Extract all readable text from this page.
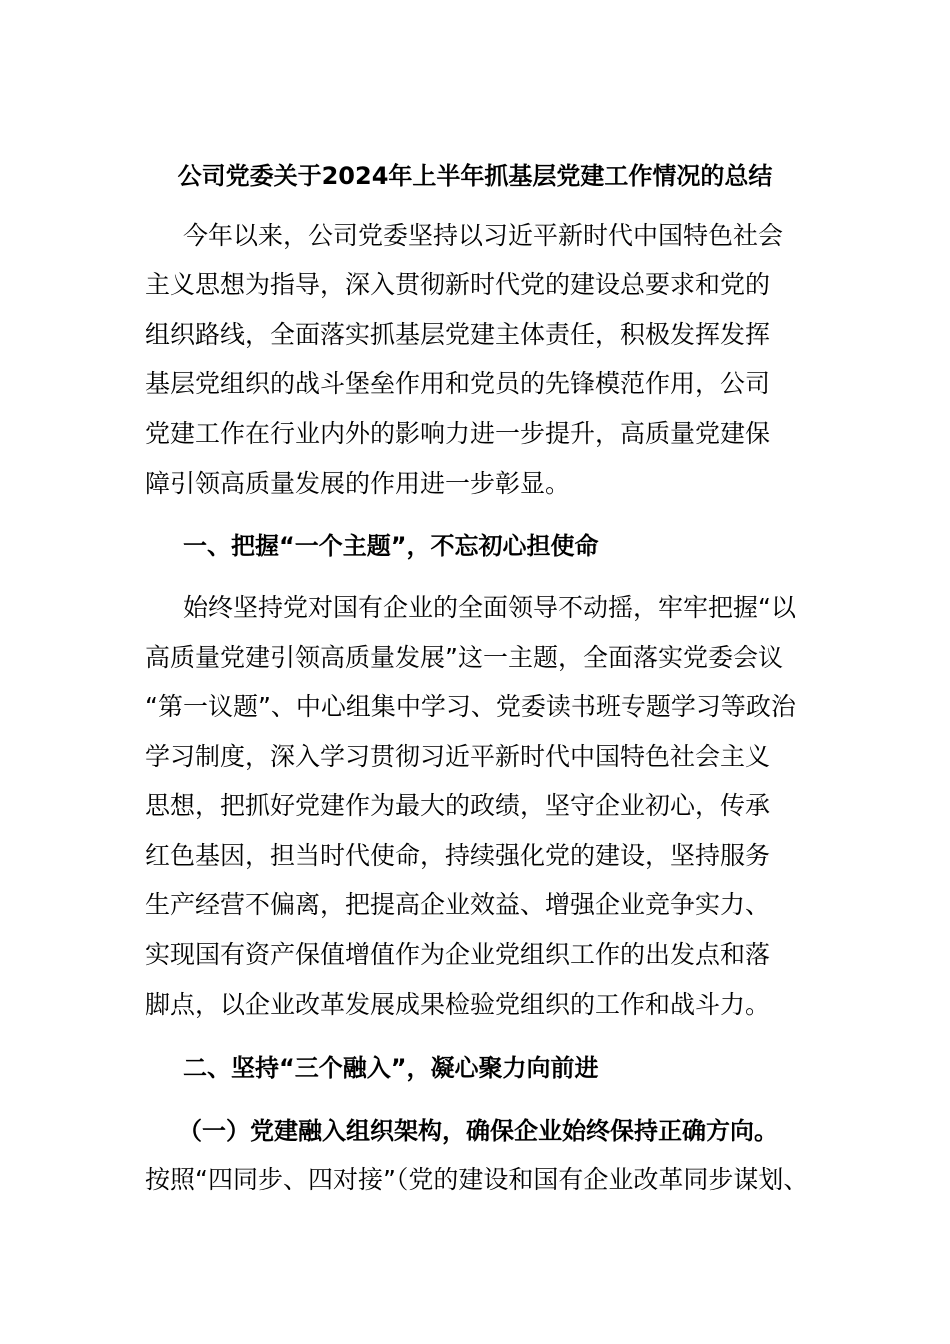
公司党委关于2024年上半年抓基层党建工作情况的总结
今年以来，公司党委坚持以习近平新时代中国特色社会
主义思想为指导，深入贯彻新时代党的建设总要求和党的
组织路线，全面落实抓基层党建主体责任，积极发挥发挥
基层党组织的战斗堡垒作用和党员的先锋模范作用，公司
党建工作在行业内外的影响力进一步提升，高质量党建保
障引领高质量发展的作用进一步彰显。
一、把握“一个主题”，不忘初心担使命
始终坚持党对国有企业的全面领导不动摇，牢牢把握“以
高质量党建引领高质量发展”这一主题，全面落实党委会议
“第一议题”、中心组集中学习、党委读书班专题学习等政治
学习制度，深入学习贯彻习近平新时代中国特色社会主义
思想，把抓好党建作为最大的政绩，坚守企业初心，传承
红色基因，担当时代使命，持续强化党的建设，坚持服务
生产经营不偏离，把提高企业效益、增强企业竞争实力、
实现国有资产保值增值作为企业党组织工作的出发点和落
脚点，以企业改革发展成果检验党组织的工作和战斗力。
二、坚持“三个融入”，凝心聚力向前进
（一）党建融入组织架构，确保企业始终保持正确方向。
按照“四同步、四对接”（党的建设和国有企业改革同步谋划、
